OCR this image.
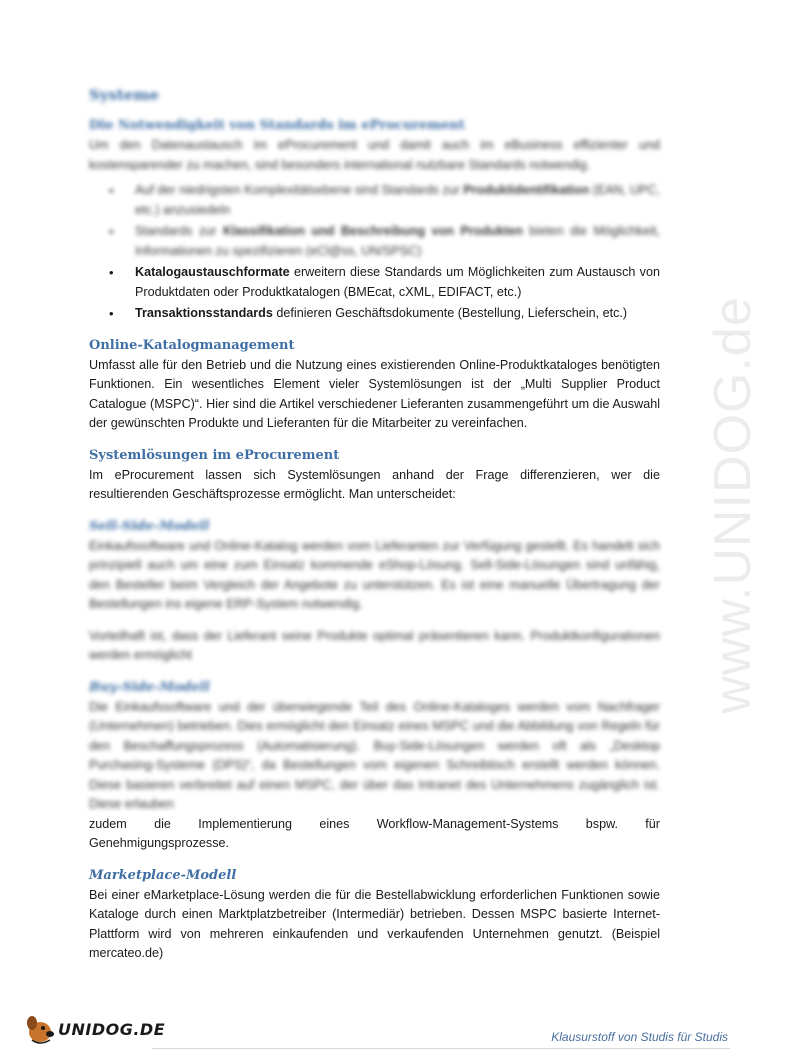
Systeme
Die Notwendigkeit von Standards im eProcurement

Um den Datenaustausch im eProcurement und damit auch im eBusiness effizienter und kostensparender zu machen, sind besonders international nutzbare Standards notwendig.

• Auf der niedrigsten Komplexitätsebene sind Standards zur Produktidentifikation (EAN, UPC, etc.) anzusiedeln
• Standards zur Klassifikation und Beschreibung von Produkten bieten die Möglichkeit, Informationen zu spezifizieren (eCl@ss, UN/SPSC)
• Katalogaustauschformate erweitern diese Standards um Möglichkeiten zum Austausch von Produktdaten oder Produktkatalogen (BMEcat, cXML, EDIFACT, etc.)
• Transaktionsstandards definieren Geschäftsdokumente (Bestellung, Lieferschein, etc.)
Online-Katalogmanagement

Umfasst alle für den Betrieb und die Nutzung eines existierenden Online-Produktkataloges benötigten Funktionen. Ein wesentliches Element vieler Systemlösungen ist der „Multi Supplier Product Catalogue (MSPC)“. Hier sind die Artikel verschiedener Lieferanten zusammengeführt um die Auswahl der gewünschten Produkte und Lieferanten für die Mitarbeiter zu vereinfachen.

Systemlösungen im eProcurement

Im eProcurement lassen sich Systemlösungen anhand der Frage differenzieren, wer die resultierenden Geschäftsprozesse ermöglicht. Man unterscheidet:

Sell-Side-Modell

Einkaufssoftware und Online-Katalog werden vom Lieferanten zur Verfügung gestellt. Es handelt sich prinzipiell auch um eine zum Einsatz kommende eShop-Lösung. Sell-Side-Lösungen sind unfähig, den Besteller beim Vergleich der Angebote zu unterstützen. Es ist eine manuelle Übertragung der Bestellungen ins eigene ERP-System notwendig.

Vorteilhaft ist, dass der Lieferant seine Produkte optimal präsentieren kann. Produktkonfigurationen werden ermöglicht

Buy-Side-Modell

Die Einkaufssoftware und der überwiegende Teil des Online-Kataloges werden vom Nachfrager (Unternehmen) betrieben. Dies ermöglicht den Einsatz eines MSPC und die Abbildung von Regeln für den Beschaffungsprozess (Automatisierung). Buy-Side-Lösungen werden oft als „Desktop Purchasing-Systeme (DPS)“, da Bestellungen vom eigenen Schreibtisch erstellt werden können. Diese basieren verbreitet auf einen MSPC, der über das Intranet des Unternehmens zugänglich ist. Diese erlauben

zudem die Implementierung eines Workflow-Management-Systems bspw. für Genehmigungsprozesse.

Marketplace-Modell

Bei einer eMarketplace-Lösung werden die für die Bestellabwicklung erforderlichen Funktionen sowie Kataloge durch einen Marktplatzbetreiber (Intermediär) betrieben. Dessen MSPC basierte Internet-Plattform wird von mehreren einkaufenden und verkaufenden Unternehmen genutzt. (Beispiel mercateo.de)

www.UNIDOG.de
UNIDOG.DE	Klausurstoff von Studis für Studis
